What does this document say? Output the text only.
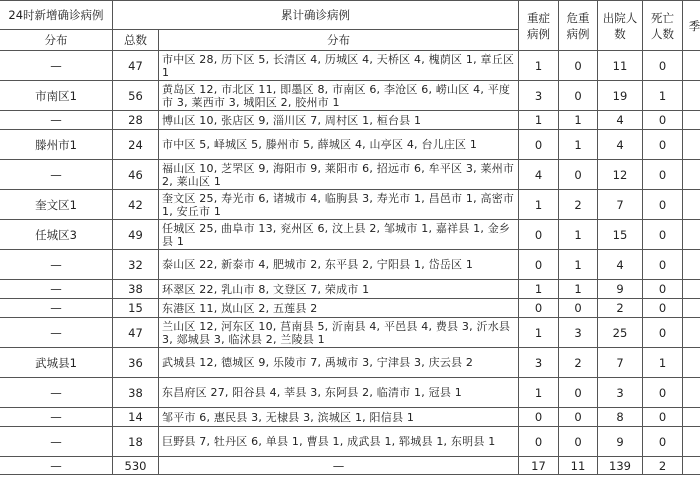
24时新增确诊病例	累计确诊病例		重症病例	危重病例	出院人数	死亡人数	季
分布	总数	分布					
—	47	市中区 28, 历下区 5, 长清区 4, 历城区 4, 天桥区 4, 槐荫区 1, 章丘区 1	1	0	11	0	
市南区1	56	黄岛区 12, 市北区 11, 即墨区 8, 市南区 6, 李沧区 6, 崂山区 4, 平度市 3, 莱西市 3, 城阳区 2, 胶州市 1	3	0	19	1	
—	28	博山区 10, 张店区 9, 淄川区 7, 周村区 1, 桓台县 1	1	1	4	0	
滕州市1	24	市中区 5, 峄城区 5, 滕州市 5, 薛城区 4, 山亭区 4, 台儿庄区 1	0	1	4	0	
—	46	福山区 10, 芝罘区 9, 海阳市 9, 莱阳市 6, 招远市 6, 牟平区 3, 莱州市 2, 莱山区 1	4	0	12	0	
奎文区1	42	奎文区 25, 寿光市 6, 诸城市 4, 临朐县 3, 寿光市 1, 昌邑市 1, 高密市 1, 安丘市 1	1	2	7	0	
任城区3	49	任城区 25, 曲阜市 13, 兖州区 6, 汶上县 2, 邹城市 1, 嘉祥县 1, 金乡县 1	0	1	15	0	
—	32	泰山区 22, 新泰市 4, 肥城市 2, 东平县 2, 宁阳县 1, 岱岳区 1	0	1	4	0	
—	38	环翠区 22, 乳山市 8, 文登区 7, 荣成市 1	1	1	9	0	
—	15	东港区 11, 岚山区 2, 五莲县 2	0	0	2	0	
—	47	兰山区 12, 河东区 10, 莒南县 5, 沂南县 4, 平邑县 4, 费县 3, 沂水县 3, 郯城县 3, 临沭县 2, 兰陵县 1	1	3	25	0	
武城县1	36	武城县 12, 德城区 9, 乐陵市 7, 禹城市 3, 宁津县 3, 庆云县 2	3	2	7	1	
—	38	东昌府区 27, 阳谷县 4, 莘县 3, 东阿县 2, 临清市 1, 冠县 1	1	0	3	0	
—	14	邹平市 6, 惠民县 3, 无棣县 3, 滨城区 1, 阳信县 1	0	0	8	0	
—	18	巨野县 7, 牡丹区 6, 单县 1, 曹县 1, 成武县 1, 郓城县 1, 东明县 1	0	0	9	0	
—	530	—	17	11	139	2	
